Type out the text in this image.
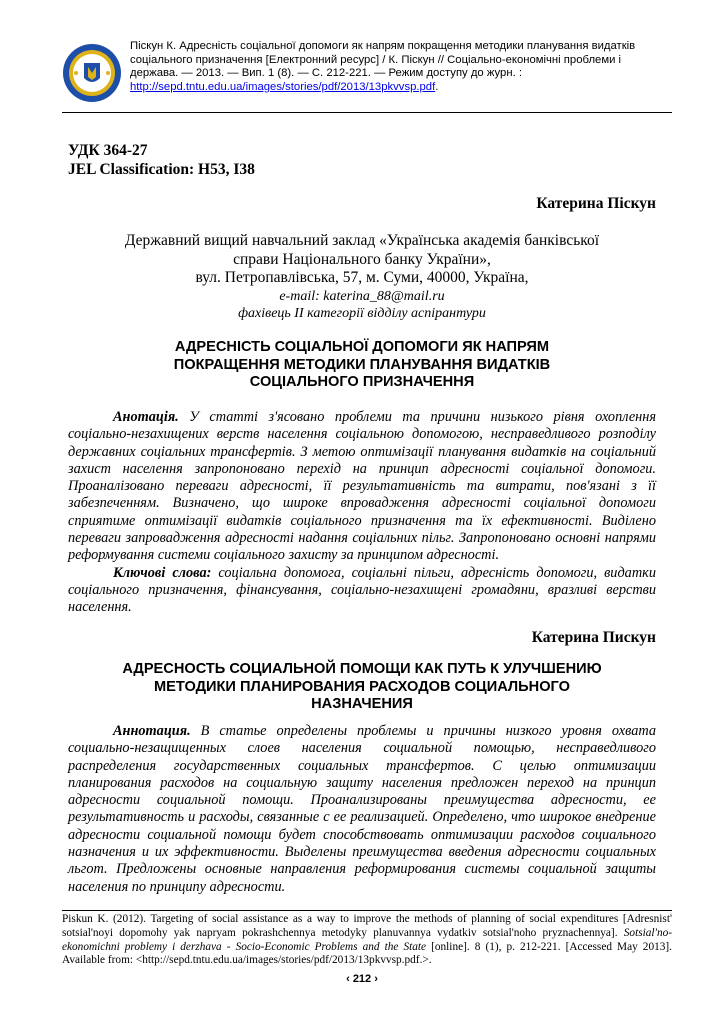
Піскун К. Адресність соціальної допомоги як напрям покращення методики планування видатків соціального призначення [Електронний ресурс] / К. Піскун // Соціально-економічні проблеми і держава. — 2013. — Вип. 1 (8). — С. 212-221. — Режим доступу до журн. : http://sepd.tntu.edu.ua/images/stories/pdf/2013/13pkvvsp.pdf.
УДК 364-27
JEL Classification: H53, I38
Катерина Піскун
Державний вищий навчальний заклад «Українська академія банківської
справи Національного банку України»,
вул. Петропавлівська, 57, м. Суми, 40000, Україна,
e-mail: katerina_88@mail.ru
фахівець ІІ категорії відділу аспірантури
АДРЕСНІСТЬ СОЦІАЛЬНОЇ ДОПОМОГИ ЯК НАПРЯМ
ПОКРАЩЕННЯ МЕТОДИКИ ПЛАНУВАННЯ ВИДАТКІВ
СОЦІАЛЬНОГО ПРИЗНАЧЕННЯ

Анотація. У статті з'ясовано проблеми та причини низького рівня охоплення соціально-незахищених верств населення соціальною допомогою, несправедливого розподілу державних соціальних трансфертів. З метою оптимізації планування видатків на соціальний захист населення запропоновано перехід на принцип адресності соціальної допомоги. Проаналізовано переваги адресності, її результативність та витрати, пов'язані з її забезпеченням. Визначено, що широке впровадження адресності соціальної допомоги сприятиме оптимізації видатків соціального призначення та їх ефективності. Виділено переваги запровадження адресності надання соціальних пільг. Запропоновано основні напрями реформування системи соціального захисту за принципом адресності.

Ключові слова: соціальна допомога, соціальні пільги, адресність допомоги, видатки соціального призначення, фінансування, соціально-незахищені громадяни, вразливі верстви населення.

Катерина Пискун
АДРЕСНОСТЬ СОЦИАЛЬНОЙ ПОМОЩИ КАК ПУТЬ К УЛУЧШЕНИЮ
МЕТОДИКИ ПЛАНИРОВАНИЯ РАСХОДОВ СОЦИАЛЬНОГО
НАЗНАЧЕНИЯ

Аннотация. В статье определены проблемы и причины низкого уровня охвата социально-незащищенных слоев населения социальной помощью, несправедливого распределения государственных социальных трансфертов. С целью оптимизации планирования расходов на социальную защиту населения предложен переход на принцип адресности социальной помощи. Проанализированы преимущества адресности, ее результативность и расходы, связанные с ее реализацией. Определено, что широкое внедрение адресности социальной помощи будет способствовать оптимизации расходов социального назначения и их эффективности. Выделены преимущества введения адресности социальных льгот. Предложены основные направления реформирования системы социальной защиты населения по принципу адресности.

Piskun K. (2012). Targeting of social assistance as a way to improve the methods of planning of social expenditures [Adresnist' sotsial'noyi dopomohy yak napryam pokrashchennya metodyky planuvannya vydatkiv sotsial'noho pryznachennya]. Sotsial'no-ekonomichni problemy i derzhava - Socio-Economic Problems and the State [online]. 8 (1), p. 212-221. [Accessed May 2013]. Available from: <http://sepd.tntu.edu.ua/images/stories/pdf/2013/13pkvvsp.pdf.>.
‹ 212 ›
